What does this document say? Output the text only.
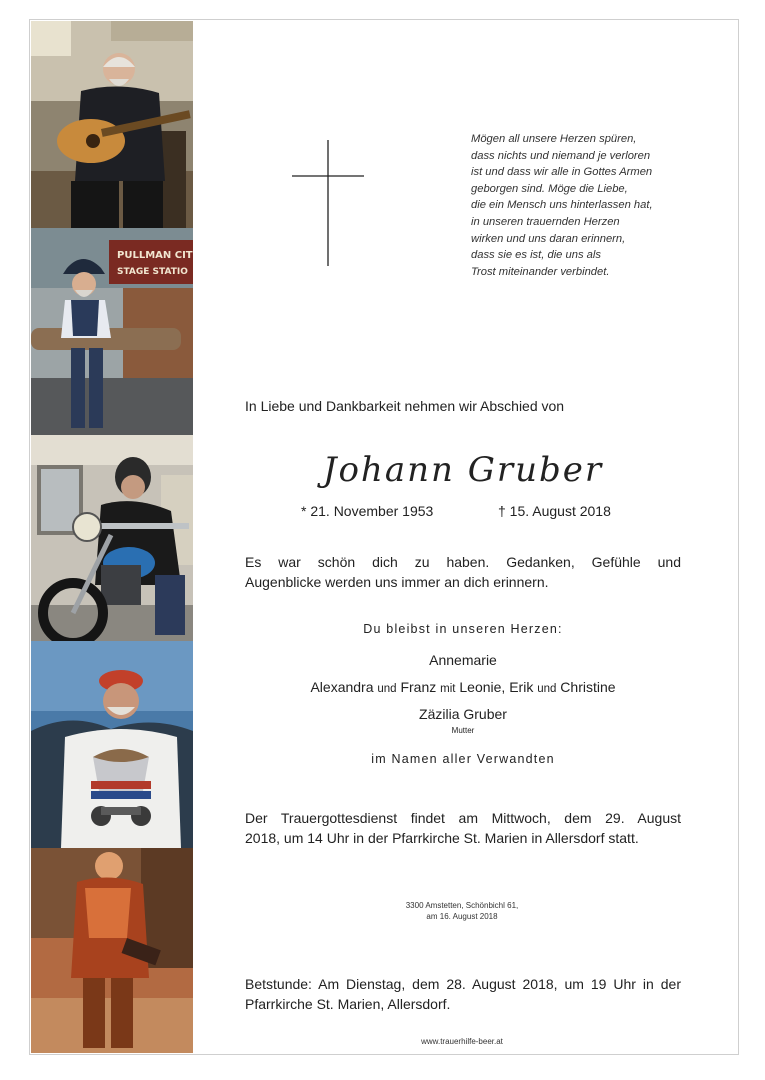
PULLMAN CIT
STAGE STATIO
Mögen all unsere Herzen spüren,
dass nichts und niemand je verloren
ist und dass wir alle in Gottes Armen
geborgen sind. Möge die Liebe,
die ein Mensch uns hinterlassen hat,
in unseren trauernden Herzen
wirken und uns daran erinnern,
dass sie es ist, die uns als
Trost miteinander verbindet.
In Liebe und Dankbarkeit nehmen wir Abschied von
Johann Gruber
* 21. November 1953	† 15. August 2018
Es war schön dich zu haben. Gedanken, Gefühle und
Augenblicke werden uns immer an dich erinnern.
Du bleibst in unseren Herzen:
Annemarie
Alexandra und Franz mit Leonie, Erik und Christine
Zäzilia Gruber
Mutter
im Namen aller Verwandten
Der Trauergottesdienst findet am Mittwoch, dem 29. August
2018, um 14 Uhr in der Pfarrkirche St. Marien in Allersdorf statt.
3300 Amstetten, Schönbichl 61,
am 16. August 2018
Betstunde: Am Dienstag, dem 28. August 2018, um 19 Uhr in der
Pfarrkirche St. Marien, Allersdorf.
www.trauerhilfe-beer.at
